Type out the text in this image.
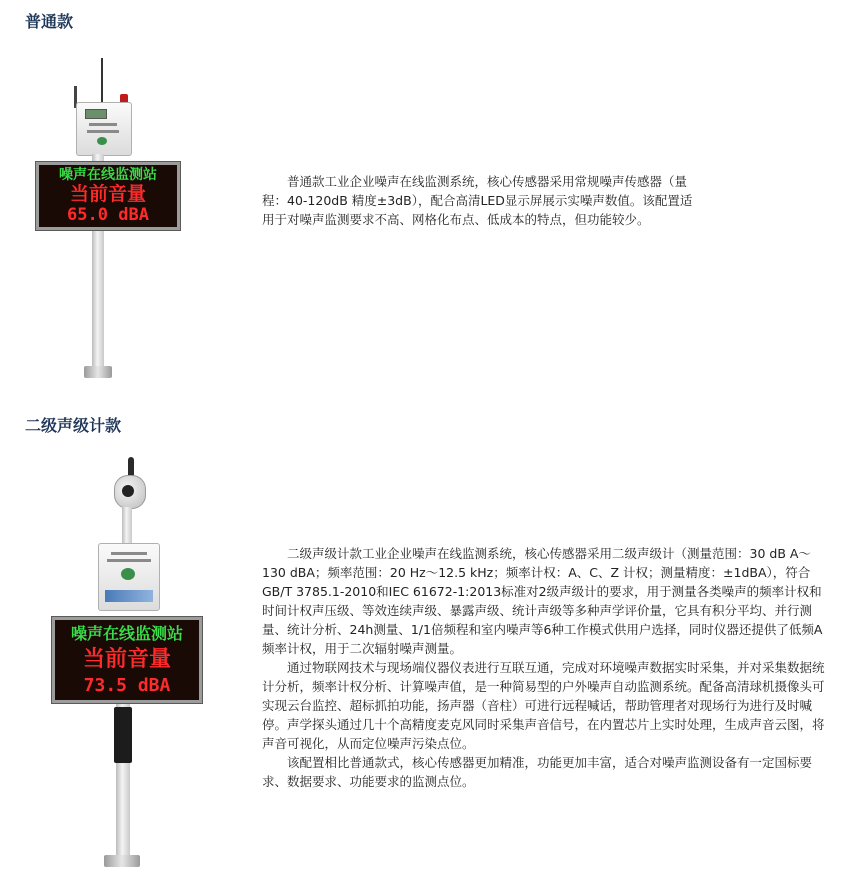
普通款
噪声在线监测站
当前音量
65.0 dBA

普通款工业企业噪声在线监测系统，核心传感器采用常规噪声传感器（量程：40-120dB 精度±3dB），配合高清LED显示屏展示实噪声数值。该配置适用于对噪声监测要求不高、网格化布点、低成本的特点，但功能较少。

二级声级计款
噪声在线监测站
当前音量
73.5 dBA

二级声级计款工业企业噪声在线监测系统，核心传感器采用二级声级计（测量范围：30 dB A～130 dBA；频率范围：20 Hz～12.5 kHz；频率计权：A、C、Z 计权；测量精度：±1dBA），符合GB/T 3785.1-2010和IEC 61672-1:2013标准对2级声级计的要求，用于测量各类噪声的频率计权和时间计权声压级、等效连续声级、暴露声级、统计声级等多种声学评价量，它具有积分平均、并行测量、统计分析、24h测量、1/1倍频程和室内噪声等6种工作模式供用户选择，同时仪器还提供了低频A频率计权，用于二次辐射噪声测量。

通过物联网技术与现场端仪器仪表进行互联互通，完成对环境噪声数据实时采集，并对采集数据统计分析，频率计权分析、计算噪声值，是一种简易型的户外噪声自动监测系统。配备高清球机摄像头可实现云台监控、超标抓拍功能，扬声器（音柱）可进行远程喊话，帮助管理者对现场行为进行及时喊停。声学探头通过几十个高精度麦克风同时采集声音信号，在内置芯片上实时处理，生成声音云图，将声音可视化，从而定位噪声污染点位。

该配置相比普通款式，核心传感器更加精准，功能更加丰富，适合对噪声监测设备有一定国标要求、数据要求、功能要求的监测点位。
